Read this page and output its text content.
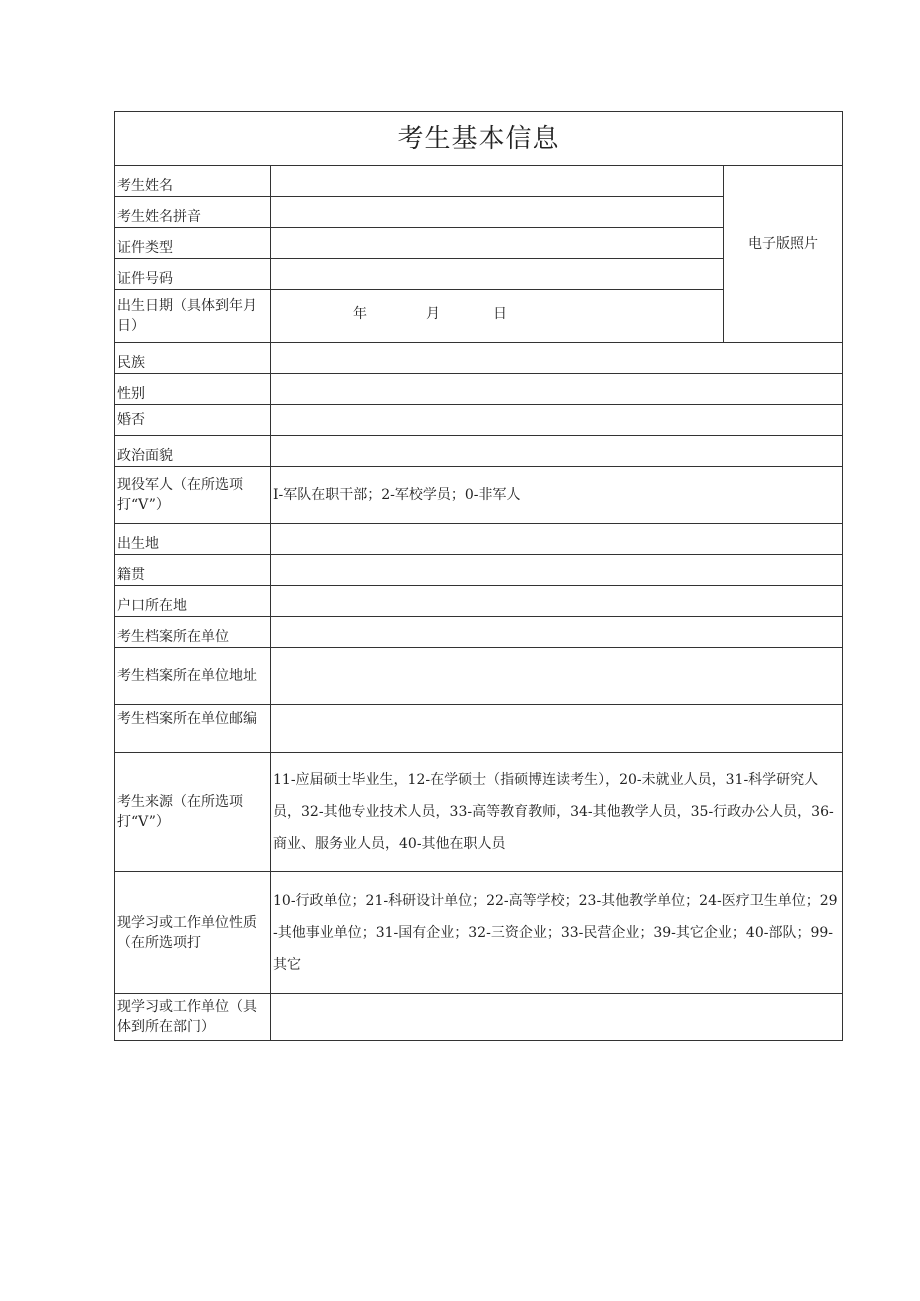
考生基本信息		
考生姓名		电子版照片
考生姓名拼音		
证件类型		
证件号码		
出生日期（具体到年月日）	年 月 日	

民族		
性别		
婚否		
政治面貌		
现役军人（在所选项打“V”）	I-军队在职干部；2-军校学员；0-非军人	
出生地		
籍贯		
户口所在地		
考生档案所在单位		
考生档案所在单位地址		
考生档案所在单位邮编		
考生来源（在所选项打“V”）	11-应届硕士毕业生，12-在学硕士（指硕博连读考生），20-未就业人员，31-科学研究人员，32-其他专业技术人员，33-高等教育教师，34-其他教学人员，35-行政办公人员，36-商业、服务业人员，40-其他在职人员	
现学习或工作单位性质（在所选项打	10-行政单位；21-科研设计单位；22-高等学校；23-其他教学单位；24-医疗卫生单位；29-其他事业单位；31-国有企业；32-三资企业；33-民营企业；39-其它企业；40-部队；99-其它	
现学习或工作单位（具体到所在部门）		
